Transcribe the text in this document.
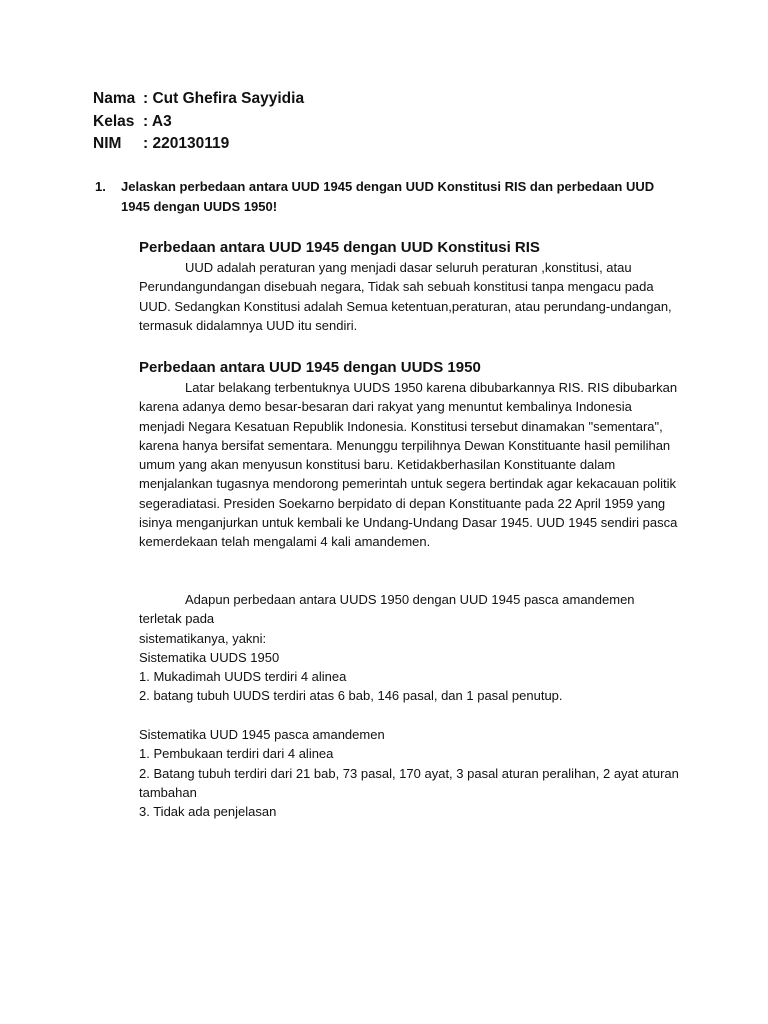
Nama : Cut Ghefira Sayyidia
Kelas : A3
NIM	: 220130119
1.	Jelaskan perbedaan antara UUD 1945 dengan UUD Konstitusi RIS dan perbedaan UUD 1945 dengan UUDS 1950!
Perbedaan antara UUD 1945 dengan UUD Konstitusi RIS

UUD adalah peraturan yang menjadi dasar seluruh peraturan ,konstitusi, atau Perundangundangan disebuah negara, Tidak sah sebuah konstitusi tanpa mengacu pada UUD. Sedangkan Konstitusi adalah Semua ketentuan,peraturan, atau perundang-undangan, termasuk didalamnya UUD itu sendiri.

Perbedaan antara UUD 1945 dengan UUDS 1950

Latar belakang terbentuknya UUDS 1950 karena dibubarkannya RIS. RIS dibubarkan karena adanya demo besar-besaran dari rakyat yang menuntut kembalinya Indonesia menjadi Negara Kesatuan Republik Indonesia. Konstitusi tersebut dinamakan "sementara", karena hanya bersifat sementara. Menunggu terpilihnya Dewan Konstituante hasil pemilihan umum yang akan menyusun konstitusi baru. Ketidakberhasilan Konstituante dalam menjalankan tugasnya mendorong pemerintah untuk segera bertindak agar kekacauan politik segeradiatasi. Presiden Soekarno berpidato di depan Konstituante pada 22 April 1959 yang isinya menganjurkan untuk kembali ke Undang-Undang Dasar 1945. UUD 1945 sendiri pasca kemerdekaan telah mengalami 4 kali amandemen.

Adapun perbedaan antara UUDS 1950 dengan UUD 1945 pasca amandemen
terletak pada
sistematikanya, yakni:
Sistematika UUDS 1950
1. Mukadimah UUDS terdiri 4 alinea
2. batang tubuh UUDS terdiri atas 6 bab, 146 pasal, dan 1 pasal penutup.
Sistematika UUD 1945 pasca amandemen
1. Pembukaan terdiri dari 4 alinea
2. Batang tubuh terdiri dari 21 bab, 73 pasal, 170 ayat, 3 pasal aturan peralihan, 2 ayat aturan tambahan
3. Tidak ada penjelasan
